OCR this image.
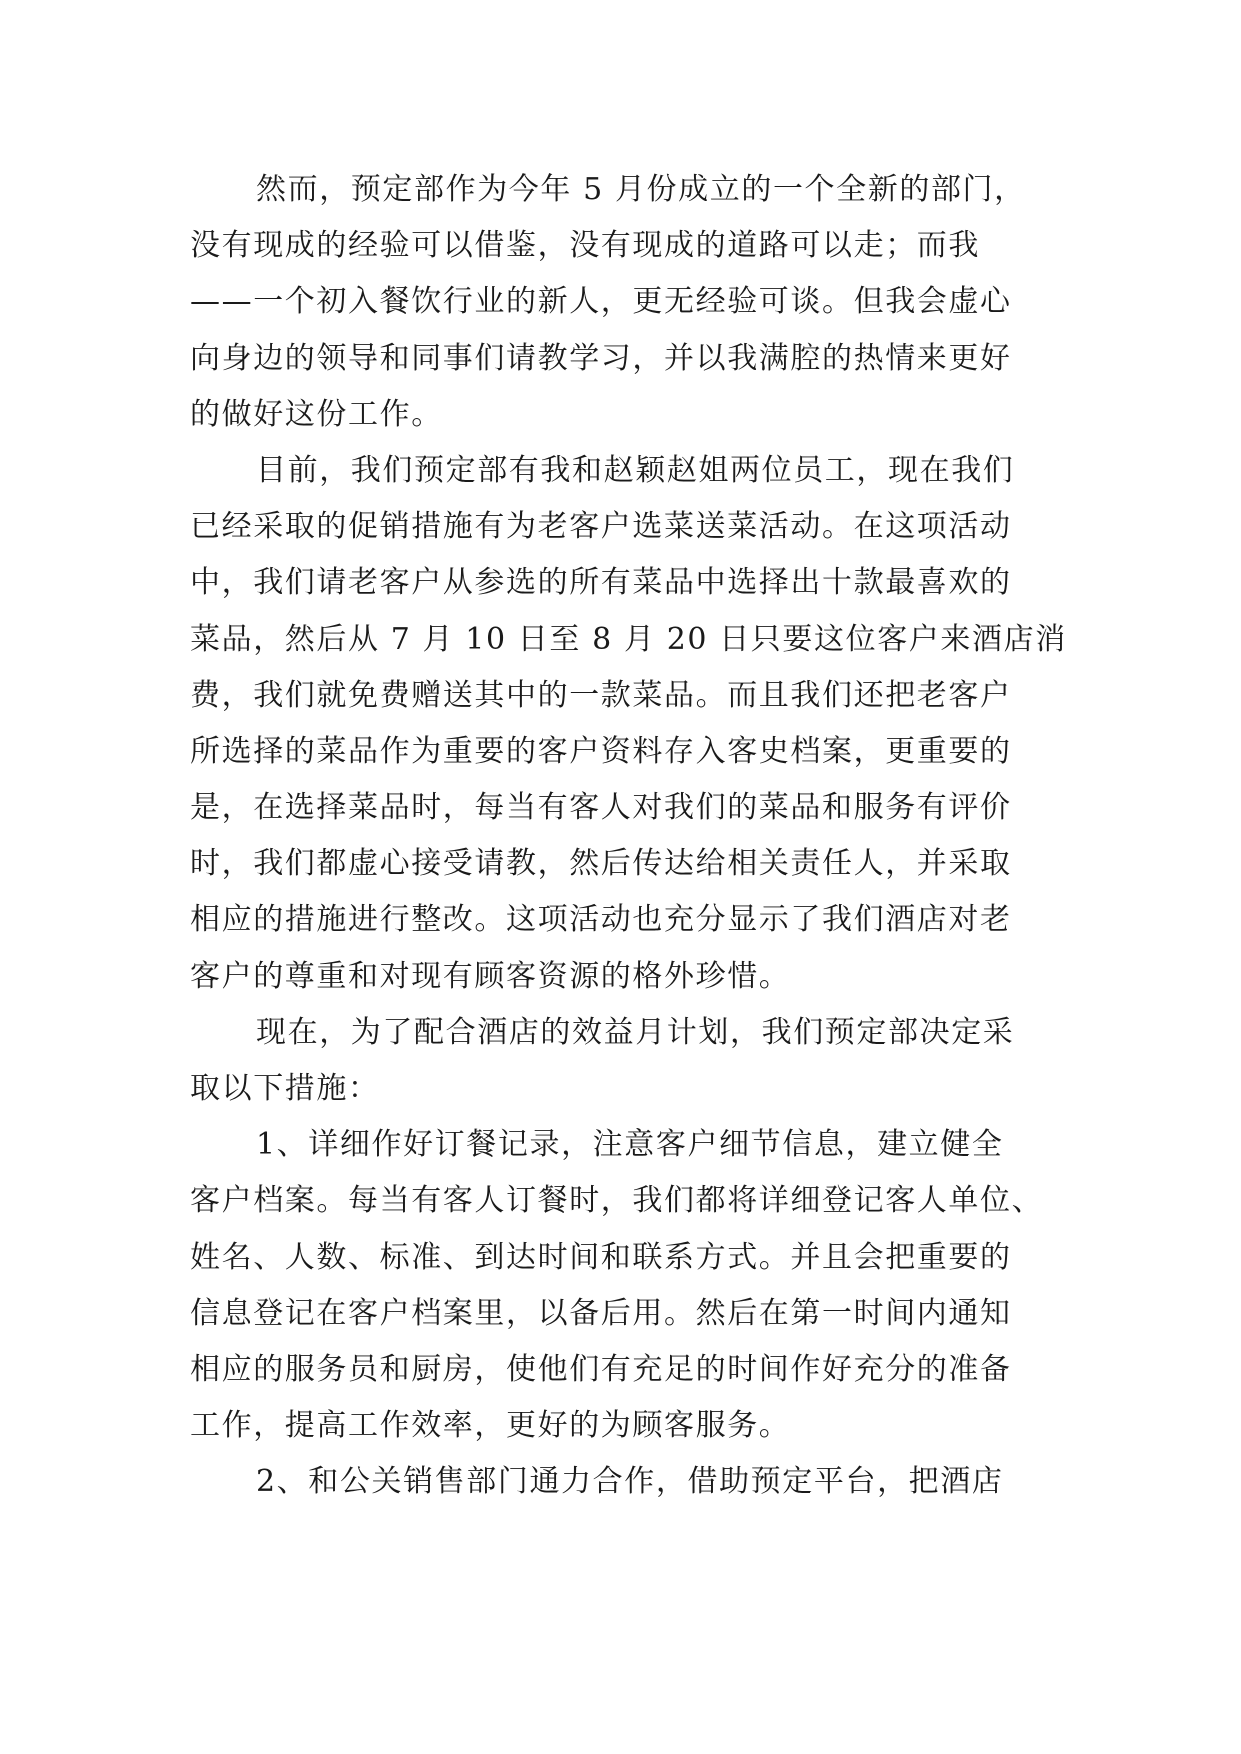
然而，预定部作为今年 5 月份成立的一个全新的部门，
没有现成的经验可以借鉴，没有现成的道路可以走；而我
——一个初入餐饮行业的新人，更无经验可谈。但我会虚心
向身边的领导和同事们请教学习，并以我满腔的热情来更好
的做好这份工作。
目前，我们预定部有我和赵颖赵姐两位员工，现在我们
已经采取的促销措施有为老客户选菜送菜活动。在这项活动
中，我们请老客户从参选的所有菜品中选择出十款最喜欢的
菜品，然后从 7 月 10 日至 8 月 20 日只要这位客户来酒店消
费，我们就免费赠送其中的一款菜品。而且我们还把老客户
所选择的菜品作为重要的客户资料存入客史档案，更重要的
是，在选择菜品时，每当有客人对我们的菜品和服务有评价
时，我们都虚心接受请教，然后传达给相关责任人，并采取
相应的措施进行整改。这项活动也充分显示了我们酒店对老
客户的尊重和对现有顾客资源的格外珍惜。
现在，为了配合酒店的效益月计划，我们预定部决定采
取以下措施：
1、详细作好订餐记录，注意客户细节信息，建立健全
客户档案。每当有客人订餐时，我们都将详细登记客人单位、
姓名、人数、标准、到达时间和联系方式。并且会把重要的
信息登记在客户档案里，以备后用。然后在第一时间内通知
相应的服务员和厨房，使他们有充足的时间作好充分的准备
工作，提高工作效率，更好的为顾客服务。
2、和公关销售部门通力合作，借助预定平台，把酒店
